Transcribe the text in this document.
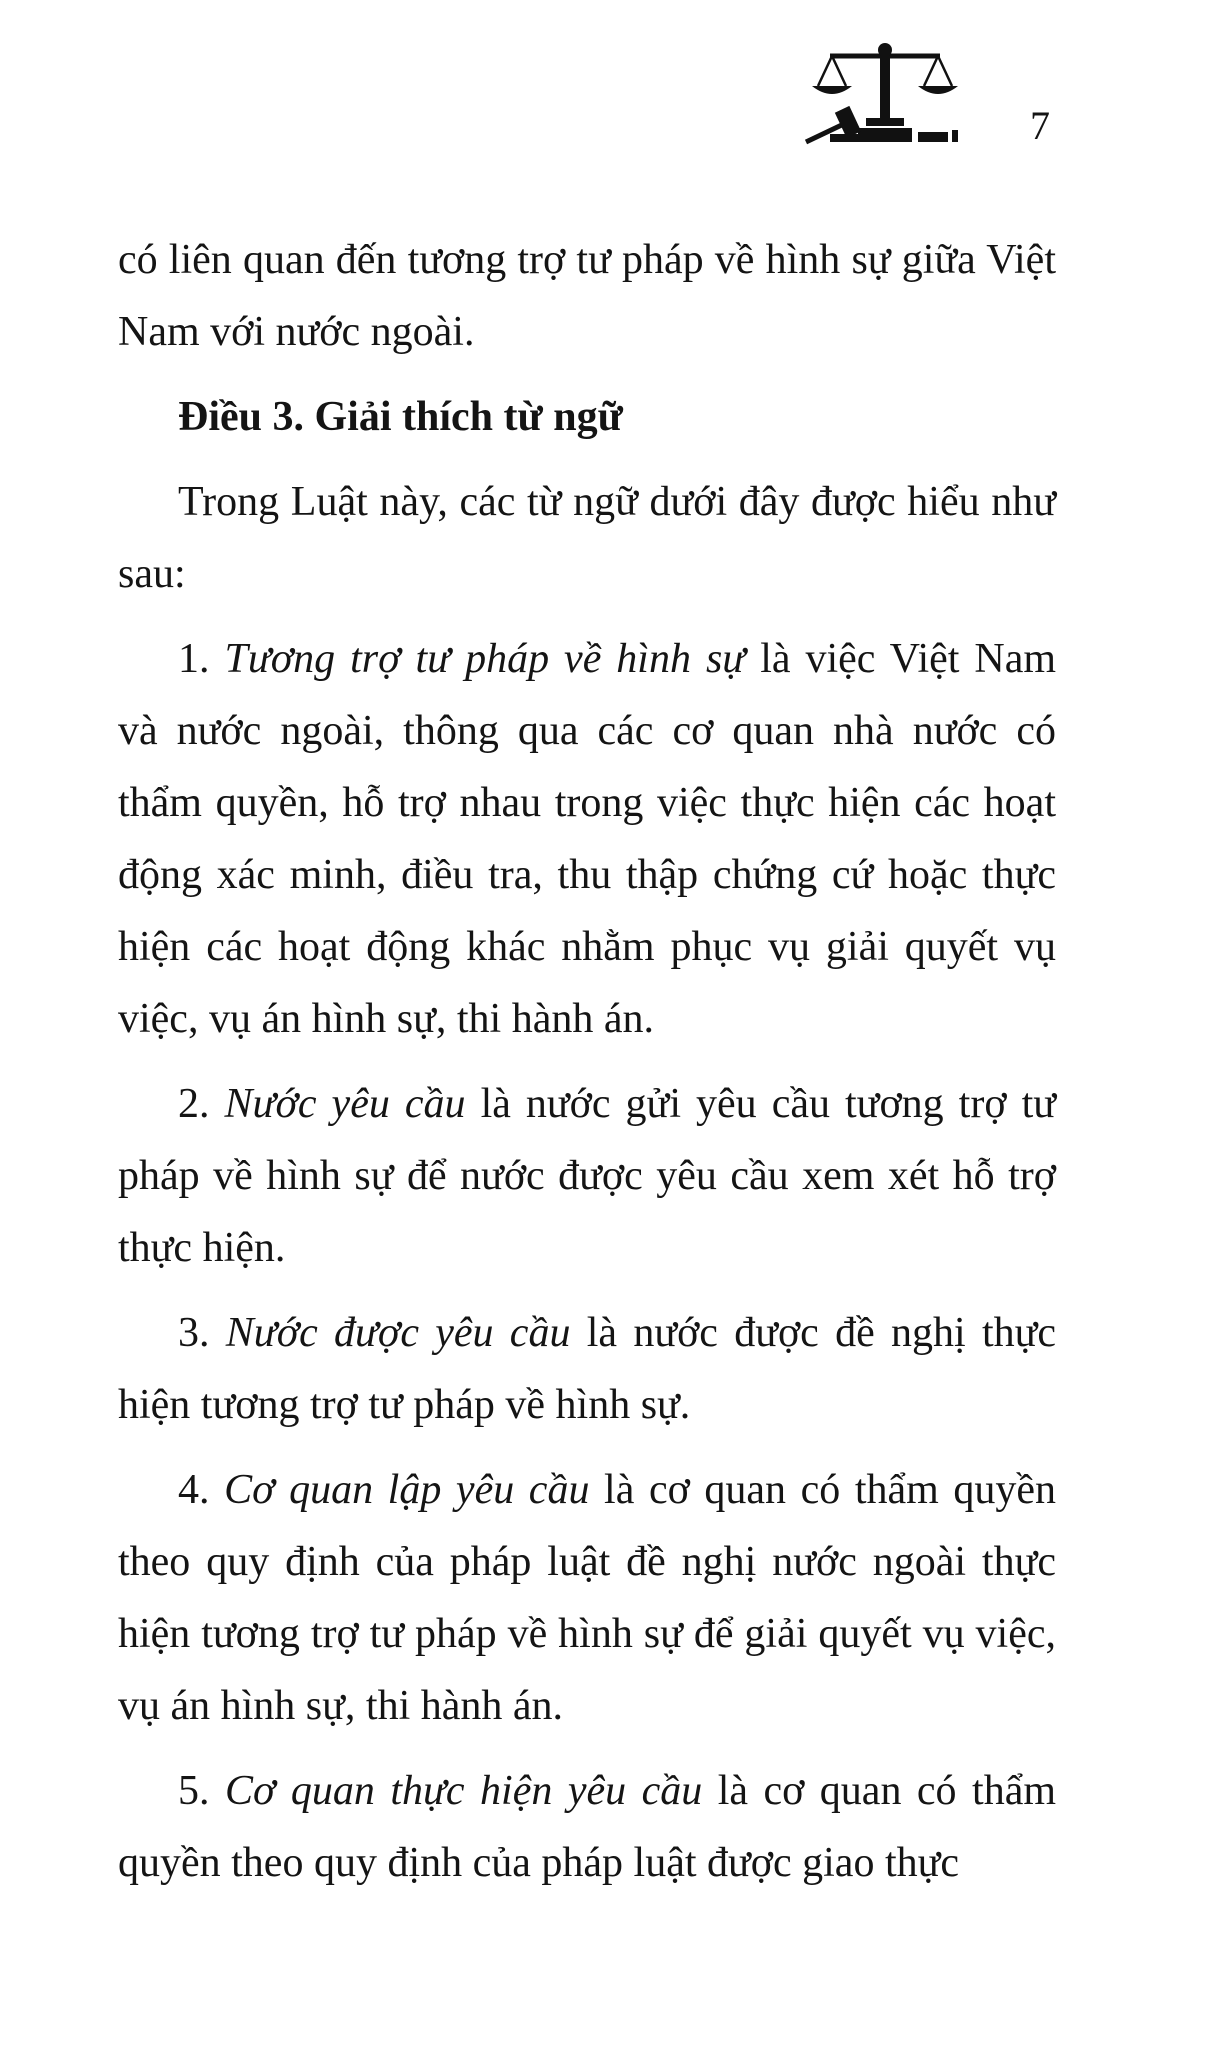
7

có liên quan đến tương trợ tư pháp về hình sự giữa Việt Nam với nước ngoài.

Điều 3. Giải thích từ ngữ

Trong Luật này, các từ ngữ dưới đây được hiểu như sau:

1. Tương trợ tư pháp về hình sự là việc Việt Nam và nước ngoài, thông qua các cơ quan nhà nước có thẩm quyền, hỗ trợ nhau trong việc thực hiện các hoạt động xác minh, điều tra, thu thập chứng cứ hoặc thực hiện các hoạt động khác nhằm phục vụ giải quyết vụ việc, vụ án hình sự, thi hành án.

2. Nước yêu cầu là nước gửi yêu cầu tương trợ tư pháp về hình sự để nước được yêu cầu xem xét hỗ trợ thực hiện.

3. Nước được yêu cầu là nước được đề nghị thực hiện tương trợ tư pháp về hình sự.

4. Cơ quan lập yêu cầu là cơ quan có thẩm quyền theo quy định của pháp luật đề nghị nước ngoài thực hiện tương trợ tư pháp về hình sự để giải quyết vụ việc, vụ án hình sự, thi hành án.

5. Cơ quan thực hiện yêu cầu là cơ quan có thẩm quyền theo quy định của pháp luật được giao thực
